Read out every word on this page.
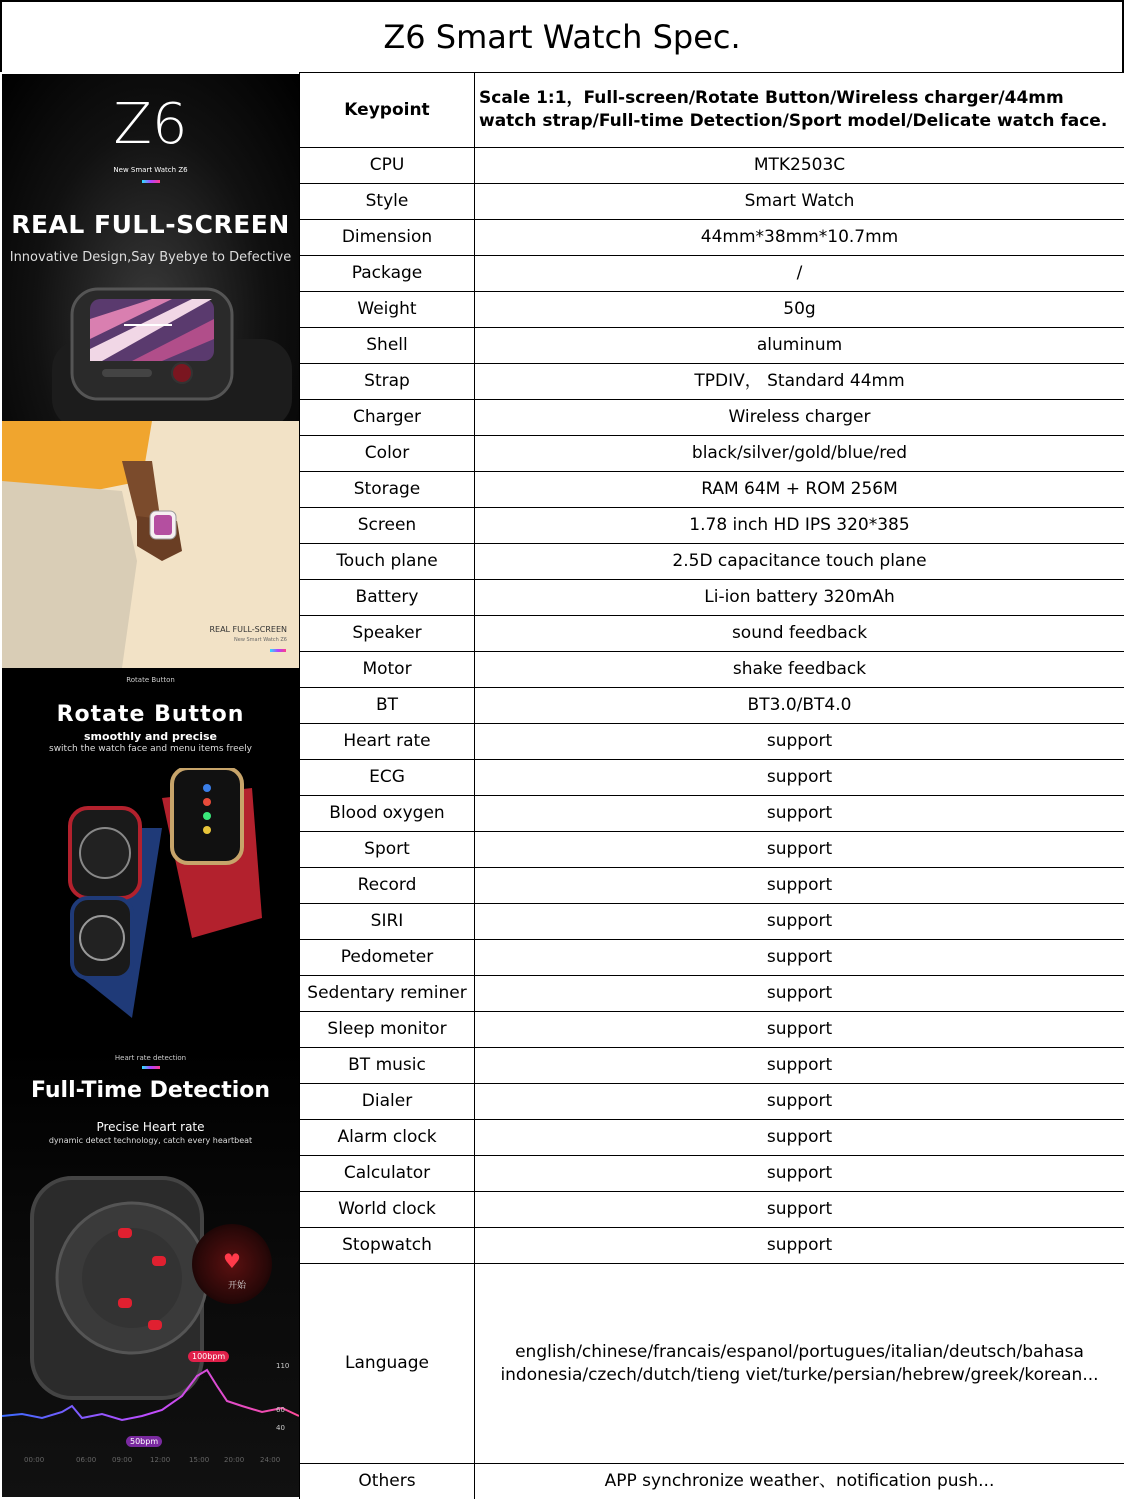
Z6 Smart Watch Spec.
Z6
New Smart Watch Z6
REAL FULL-SCREEN
Innovative Design,Say Byebye to Defective
REAL FULL-SCREEN
New Smart Watch Z6
Rotate Button
Rotate Button
smoothly and precise
switch the watch face and menu items freely
Heart rate detection
Full-Time Detection
Precise Heart rate
dynamic detect technology, catch every heartbeat
♥
开始
100bpm
50bpm
110
60
40
00:00	06:00 09:00	12:00	15:00 20:00 24:00
Keypoint	Scale 1:1，Full-screen/Rotate Button/Wireless charger/44mm watch strap/Full-time Detection/Sport model/Delicate watch face.
CPU	MTK2503C
Style	Smart Watch
Dimension	44mm*38mm*10.7mm
Package	/
Weight	50g
Shell	aluminum
Strap	TPDIV， Standard 44mm
Charger	Wireless charger
Color	black/silver/gold/blue/red
Storage	RAM 64M + ROM 256M
Screen	1.78 inch HD IPS 320*385
Touch plane	2.5D capacitance touch plane
Battery	Li-ion battery 320mAh
Speaker	sound feedback
Motor	shake feedback
BT	BT3.0/BT4.0
Heart rate	support
ECG	support
Blood oxygen	support
Sport	support
Record	support
SIRI	support
Pedometer	support
Sedentary reminer	support
Sleep monitor	support
BT music	support
Dialer	support
Alarm clock	support
Calculator	support
World clock	support
Stopwatch	support
Language	english/chinese/francais/espanol/portugues/italian/deutsch/bahasa indonesia/czech/dutch/tieng viet/turke/persian/hebrew/greek/korean...
Others	APP synchronize weather、notification push...
